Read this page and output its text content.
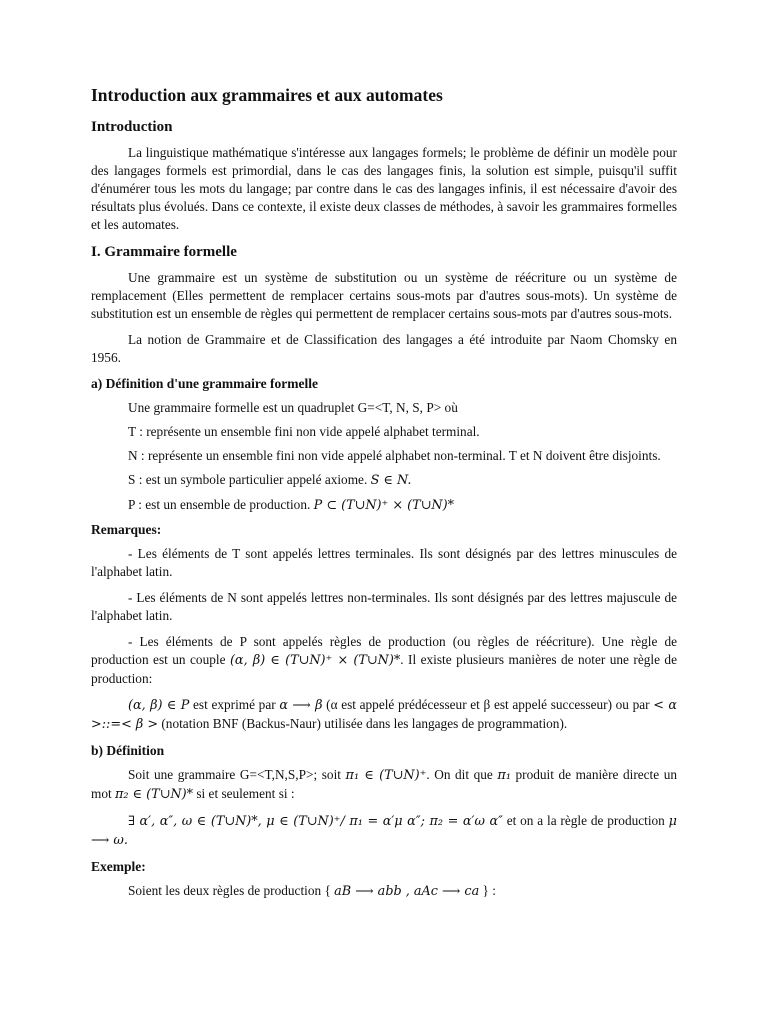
Introduction aux grammaires et aux automates
Introduction

La linguistique mathématique s'intéresse aux langages formels; le problème de définir un modèle pour des langages formels est primordial, dans le cas des langages finis, la solution est simple, puisqu'il suffit d'énumérer tous les mots du langage; par contre dans le cas des langages infinis, il est nécessaire d'avoir des résultats plus évolués. Dans ce contexte, il existe deux classes de méthodes, à savoir les grammaires formelles et les automates.

I. Grammaire formelle

Une grammaire est un système de substitution ou un système de réécriture ou un système de remplacement (Elles permettent de remplacer certains sous-mots par d'autres sous-mots). Un système de substitution est un ensemble de règles qui permettent de remplacer certains sous-mots par d'autres sous-mots.

La notion de Grammaire et de Classification des langages a été introduite par Naom Chomsky en 1956.

a) Définition d'une grammaire formelle

Une grammaire formelle est un quadruplet G=<T, N, S, P> où

T : représente un ensemble fini non vide appelé alphabet terminal.

N : représente un ensemble fini non vide appelé alphabet non-terminal. T et N doivent être disjoints.

S : est un symbole particulier appelé axiome. S ∈ N.

P : est un ensemble de production. P ⊂ (T∪N)⁺ × (T∪N)*

Remarques:

- Les éléments de T sont appelés lettres terminales. Ils sont désignés par des lettres minuscules de l'alphabet latin.

- Les éléments de N sont appelés lettres non-terminales. Ils sont désignés par des lettres majuscule de l'alphabet latin.

- Les éléments de P sont appelés règles de production (ou règles de réécriture). Une règle de production est un couple (α, β) ∈ (T∪N)⁺ × (T∪N)*. Il existe plusieurs manières de noter une règle de production:

(α, β) ∈ P est exprimé par α ⟶ β (α est appelé prédécesseur et β est appelé successeur) ou par < α >::=< β > (notation BNF (Backus-Naur) utilisée dans les langages de programmation).

b) Définition

Soit une grammaire G=<T,N,S,P>; soit π₁ ∈ (T∪N)⁺. On dit que π₁ produit de manière directe un mot π₂ ∈ (T∪N)* si et seulement si :

∃ α′, α″, ω ∈ (T∪N)*, μ ∈ (T∪N)⁺/ π₁ = α′μ α″; π₂ = α′ω α″ et on a la règle de production μ ⟶ ω.

Exemple:

Soient les deux règles de production { aB ⟶ abb , aAc ⟶ ca } :
